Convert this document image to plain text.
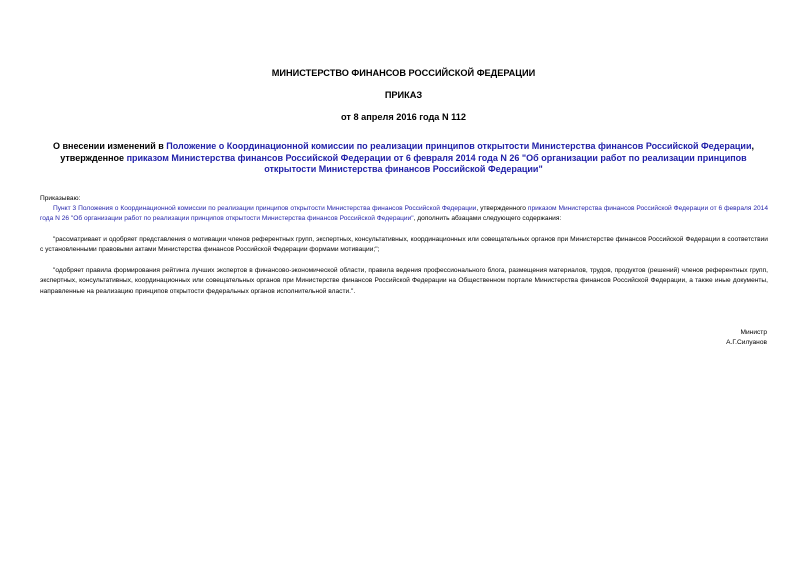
МИНИСТЕРСТВО ФИНАНСОВ РОССИЙСКОЙ ФЕДЕРАЦИИ
ПРИКАЗ
от 8 апреля 2016 года N 112
О внесении изменений в Положение о Координационной комиссии по реализации принципов открытости Министерства финансов Российской Федерации, утвержденное приказом Министерства финансов Российской Федерации от 6 февраля 2014 года N 26 "Об организации работ по реализации принципов открытости Министерства финансов Российской Федерации"
Приказываю:
Пункт 3 Положения о Координационной комиссии по реализации принципов открытости Министерства финансов Российской Федерации, утвержденного приказом Министерства финансов Российской Федерации от 6 февраля 2014 года N 26 "Об организации работ по реализации принципов открытости Министерства финансов Российской Федерации", дополнить абзацами следующего содержания:
"рассматривает и одобряет представления о мотивации членов референтных групп, экспертных, консультативных, координационных или совещательных органов при Министерстве финансов Российской Федерации в соответствии с установленными правовыми актами Министерства финансов Российской Федерации формами мотивации;";
"одобряет правила формирования рейтинга лучших экспертов в финансово-экономической области, правила ведения профессионального блога, размещения материалов, трудов, продуктов (решений) членов референтных групп, экспертных, консультативных, координационных или совещательных органов при Министерстве финансов Российской Федерации на Общественном портале Министерства финансов Российской Федерации, а также иные документы, направленные на реализацию принципов открытости федеральных органов исполнительной власти.".
Министр
А.Г.Силуанов
